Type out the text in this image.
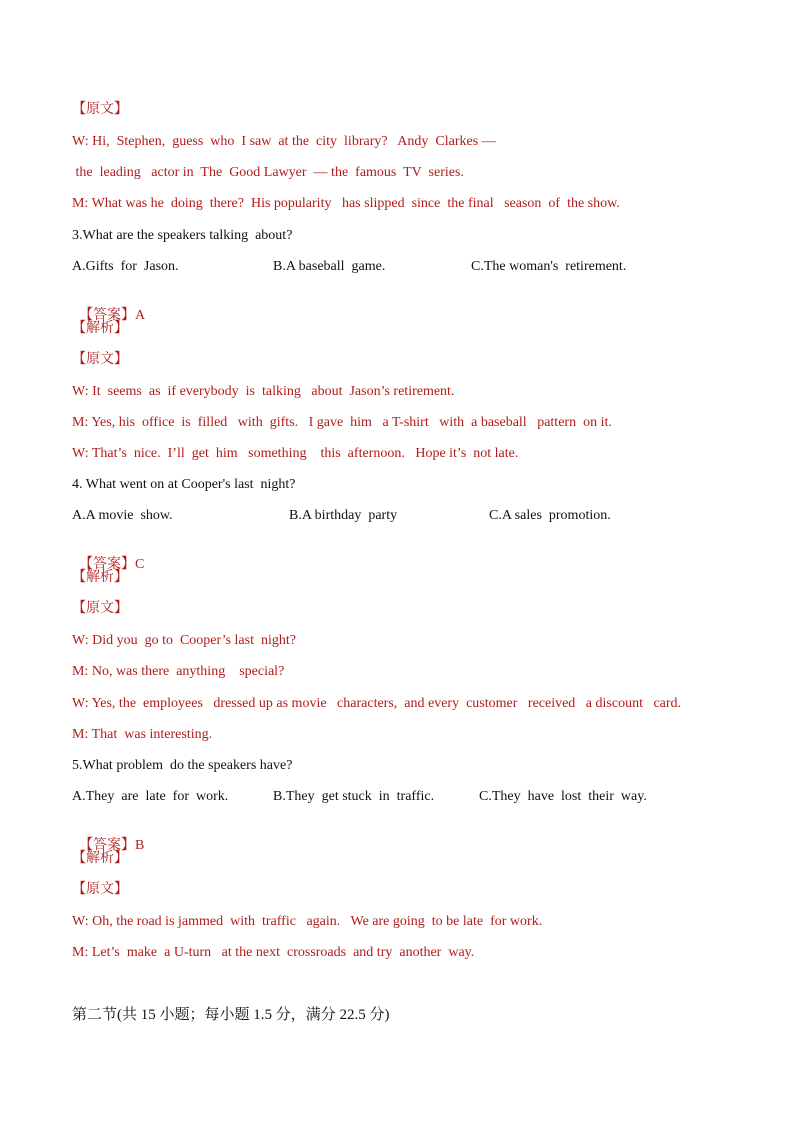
【原文】
W: Hi,  Stephen,  guess  who  I saw  at the  city  library?   Andy  Clarkes —
the  leading   actor in  The  Good Lawyer  — the  famous  TV  series.
M: What was he  doing  there?  His popularity   has slipped  since  the final   season  of  the show.
3.What are the speakers talking  about?
A.Gifts  for  Jason.	B.A baseball  game.	C.The woman's  retirement.

【答案】A

【解析】
【原文】
W: It  seems  as  if everybody  is  talking   about  Jason’s retirement.
M: Yes, his  office  is  filled   with  gifts.   I gave  him   a T-shirt   with  a baseball   pattern  on it.
W: That’s  nice.  I’ll  get  him   something    this  afternoon.   Hope it’s  not late.
4. What went on at Cooper's last  night?
A.A movie  show.	B.A birthday  party	C.A sales  promotion.

【答案】C

【解析】
【原文】
W: Did you  go to  Cooper’s last  night?
M: No, was there  anything    special?
W: Yes, the  employees   dressed up as movie   characters,  and every  customer   received   a discount   card.
M: That  was interesting.
5.What problem  do the speakers have?
A.They  are  late  for  work.	B.They  get stuck  in  traffic.	C.They  have  lost  their  way.

【答案】B

【解析】
【原文】
W: Oh, the road is jammed  with  traffic   again.   We are going  to be late  for work.
M: Let’s  make  a U-turn   at the next  crossroads  and try  another  way.
第二节(共 15 小题；每小题 1.5 分，满分 22.5 分)
